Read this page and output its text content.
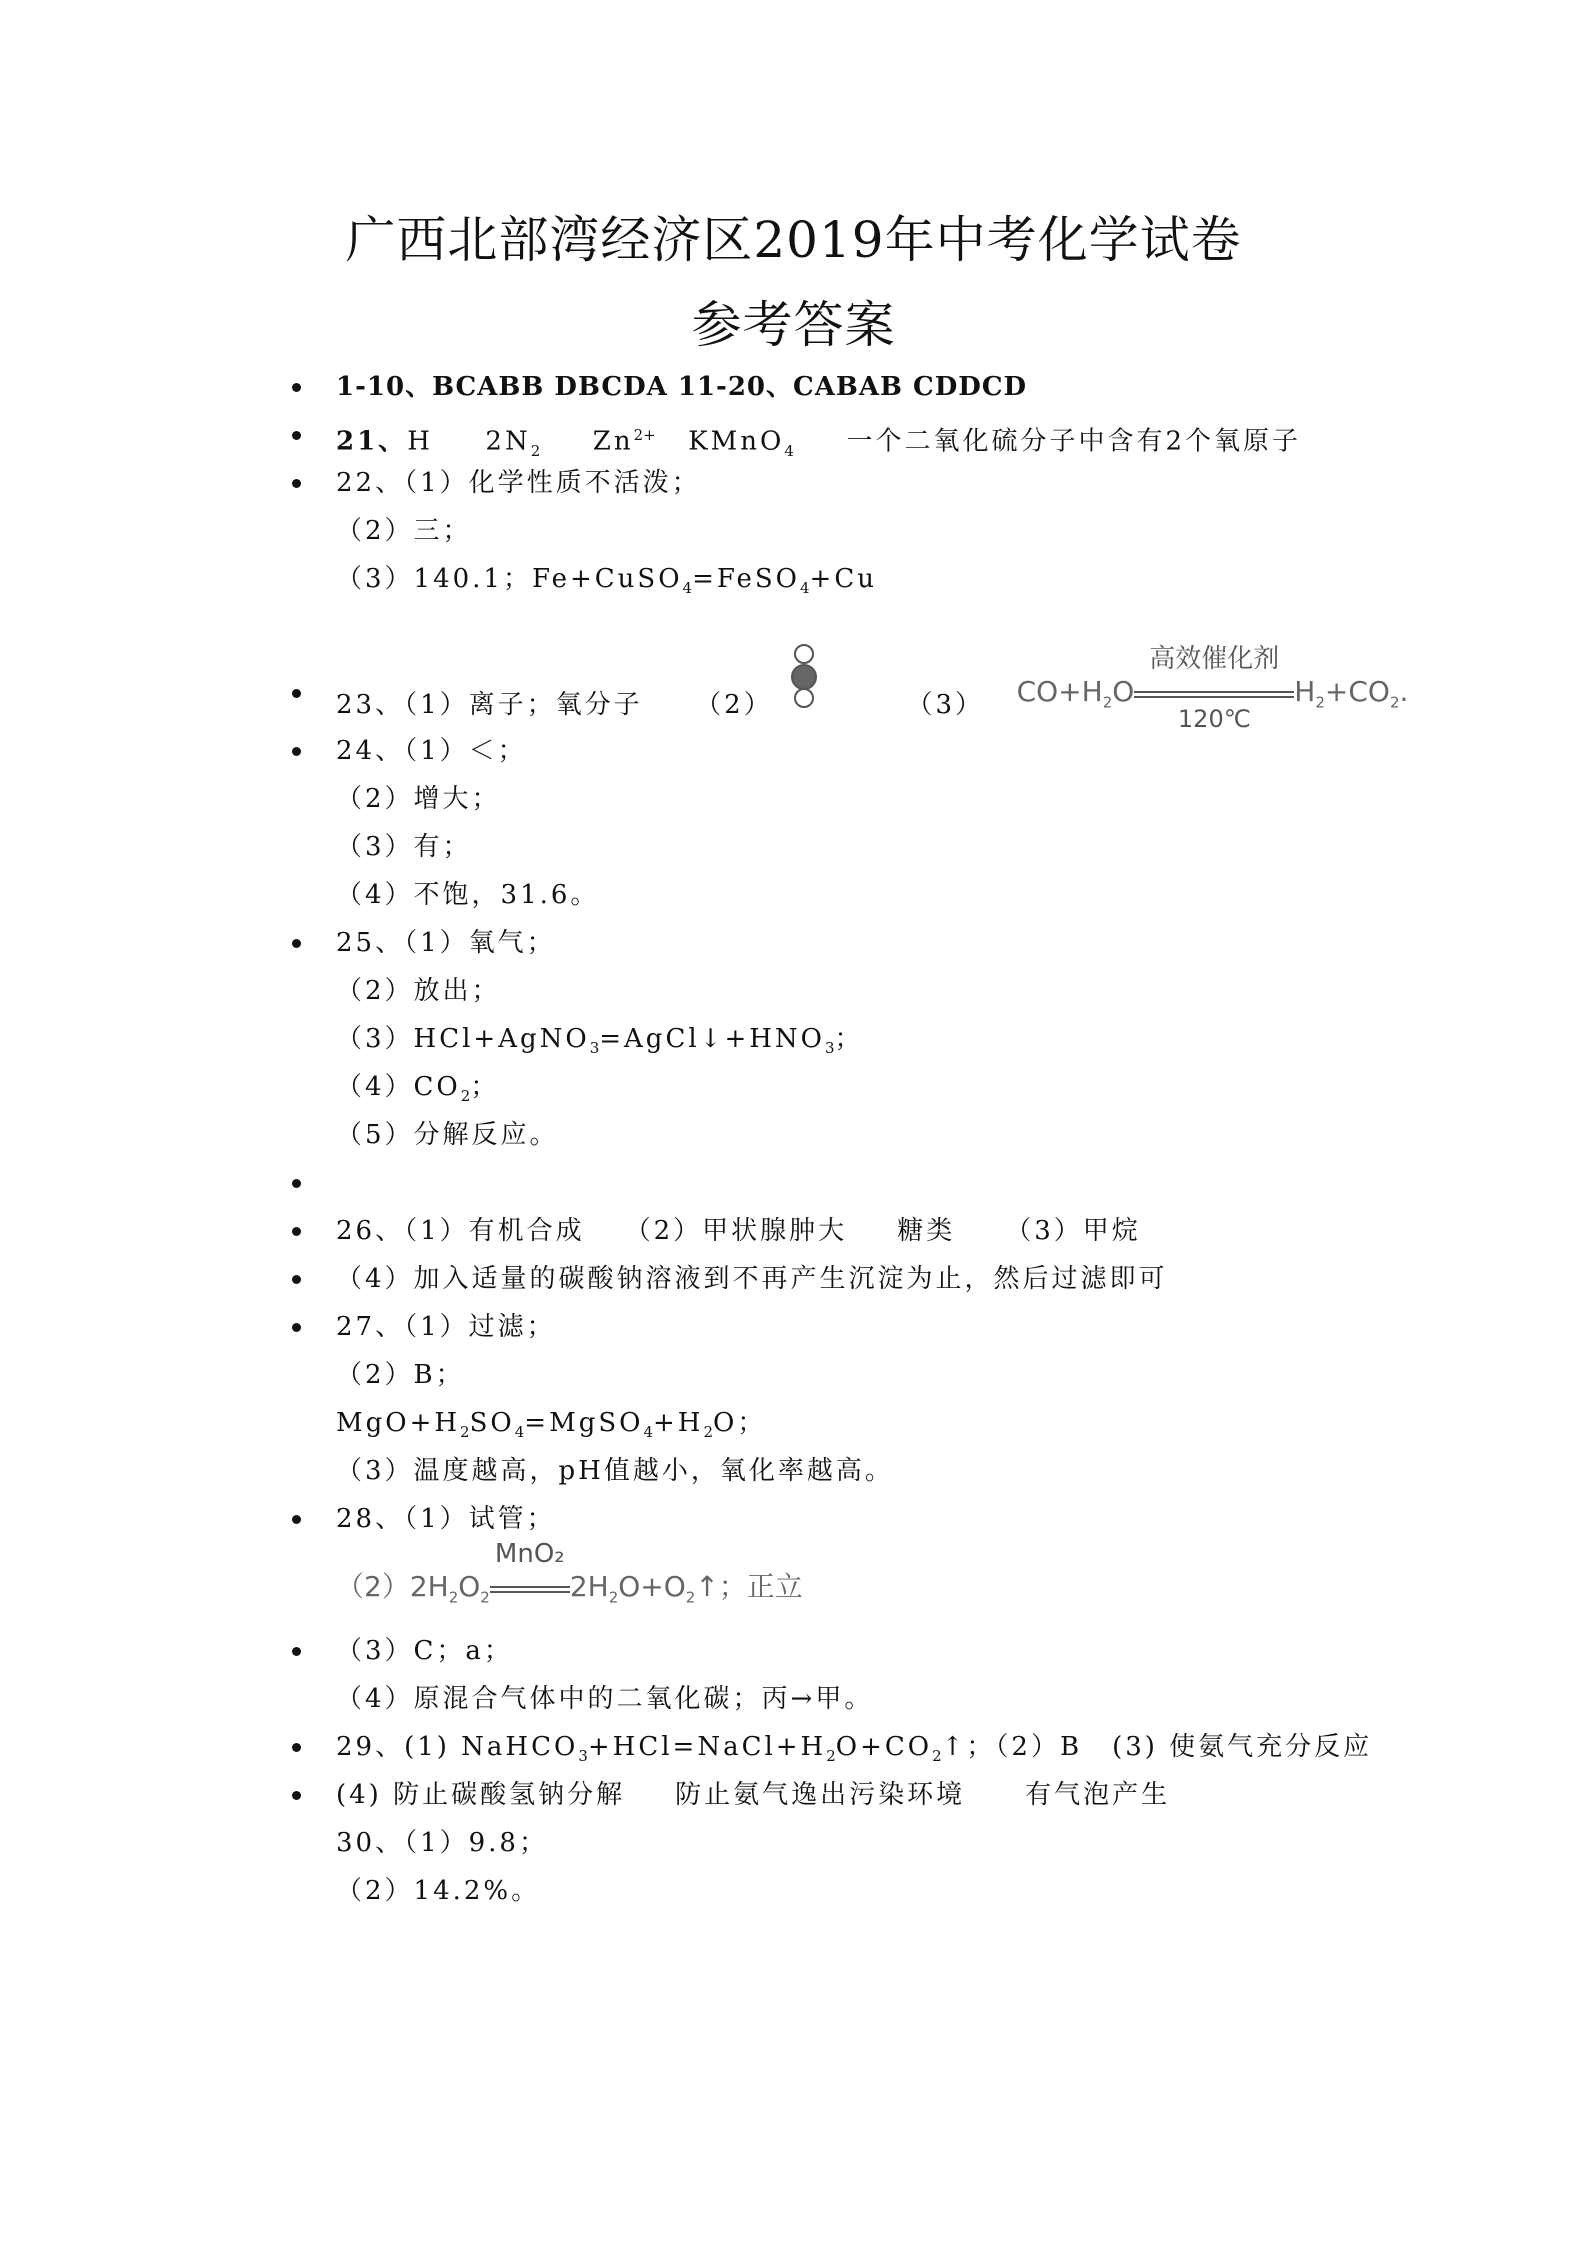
广西北部湾经济区2019年中考化学试卷
参考答案
1-10、BCABB DBCDA 11-20、CABAB CDDCD
21、H $2N_2$ $Zn^{2+}$ KMnO$_4$ 一个二氧化硫分子中含有2个氧原子
22、（1）化学性质不活泼；
（2）三；
（3）140.1；Fe+CuSO$_4$=FeSO$_4$+Cu
23、（1）离子；氧分子 （2）	（3） $CO+H_2O$
高效催化剂
120℃
$H_2+CO_2$.
24、（1）＜；
（2）增大；
（3）有；
（4）不饱，31.6。
25、（1）氧气；
（2）放出；
$(3)HCl+AgNO_3=AgCl↓+HNO_3$；
$(4)CO_2$；
（5）分解反应。
26、（1）有机合成 （2）甲状腺肿大 糖类 （3）甲烷
（4）加入适量的碳酸钠溶液到不再产生沉淀为止，然后过滤即可
27、（1）过滤；
（2）B；
$MgO+H_2SO_4=MgSO_4+H_2O$；
（3）温度越高，pH值越小，氧化率越高。
28、（1）试管；
$(2)2H_2O_2$
MnO₂
$2H_2O+O_2↑$；正立
（3）C；a；
（4）原混合气体中的二氧化碳；丙→甲。
29、(1) $NaHCO_3+HCl=NaCl+H_2O+CO_2↑$；（2）B (3) 使氨气充分反应
(4) 防止碳酸氢钠分解 防止氨气逸出污染环境 有气泡产生
30、（1）9.8；
（2）14.2%。
